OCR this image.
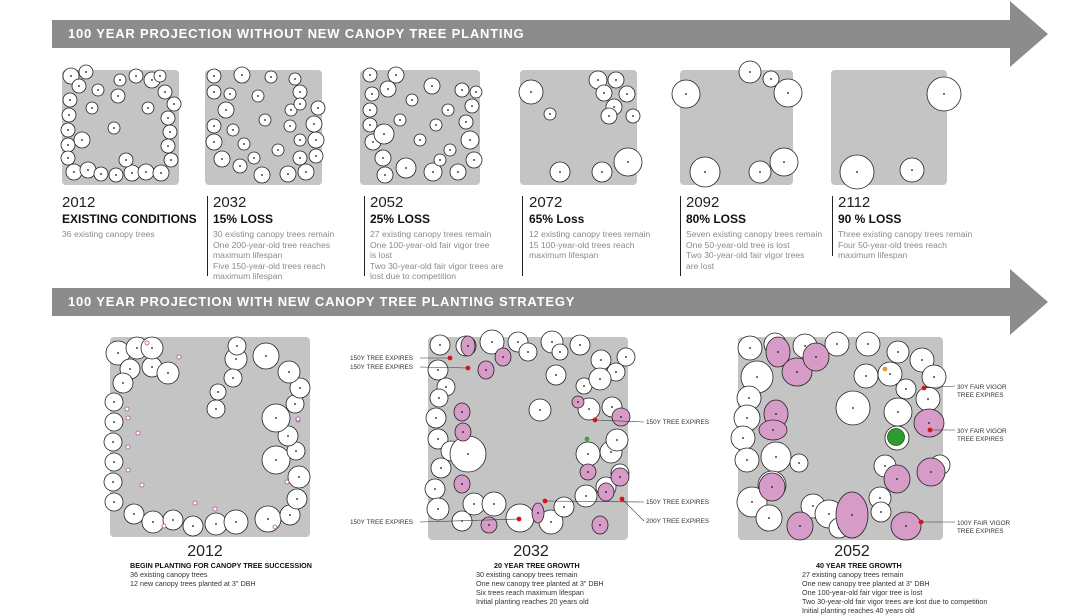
100 YEAR PROJECTION WITHOUT NEW CANOPY TREE PLANTING
100 YEAR PROJECTION WITH NEW CANOPY TREE PLANTING STRATEGY
2012
EXISTING CONDITIONS
36 existing canopy trees
2032
15% LOSS
30 existing canopy trees remain
One 200-year-old tree reaches
maximum lifespan
Five 150-year-old trees reach
maximum lifespan
2052
25% LOSS
27 existing canopy trees remain
One 100-year-old fair vigor tree
is lost
Two 30-year-old fair vigor trees are
lost due to competition
2072
65% Loss
12 existing canopy trees remain
15 100-year-old trees reach
maximum lifespan
2092
80% LOSS
Seven existing canopy trees remain
One 50-year-old tree is lost
Two 30-year-old fair vigor trees
are lost
2112
90 % LOSS
Three existing canopy trees remain
Four 50-year-old trees reach
maximum lifespan
150Y TREE EXPIRES
150Y TREE EXPIRES
150Y TREE EXPIRES
150Y TREE EXPIRES
200Y TREE EXPIRES
150Y TREE EXPIRES
30Y FAIR VIGOR
TREE EXPIRES
30Y FAIR VIGOR
TREE EXPIRES
100Y FAIR VIGOR
TREE EXPIRES
2012
BEGIN PLANTING FOR CANOPY TREE SUCCESSION
36 existing canopy trees
12 new canopy trees planted at 3" DBH
2032
20 YEAR TREE GROWTH
30 existing canopy trees remain
One new canopy tree planted at 3" DBH
Six trees reach maximum lifespan
Initial planting reaches 20 years old
2052
40 YEAR TREE GROWTH
27 existing canopy trees remain
One new canopy tree planted at 3" DBH
One 100-year-old fair vigor tree is lost
Two 30-year-old fair vigor trees are lost due to competition
Initial planting reaches 40 years old
